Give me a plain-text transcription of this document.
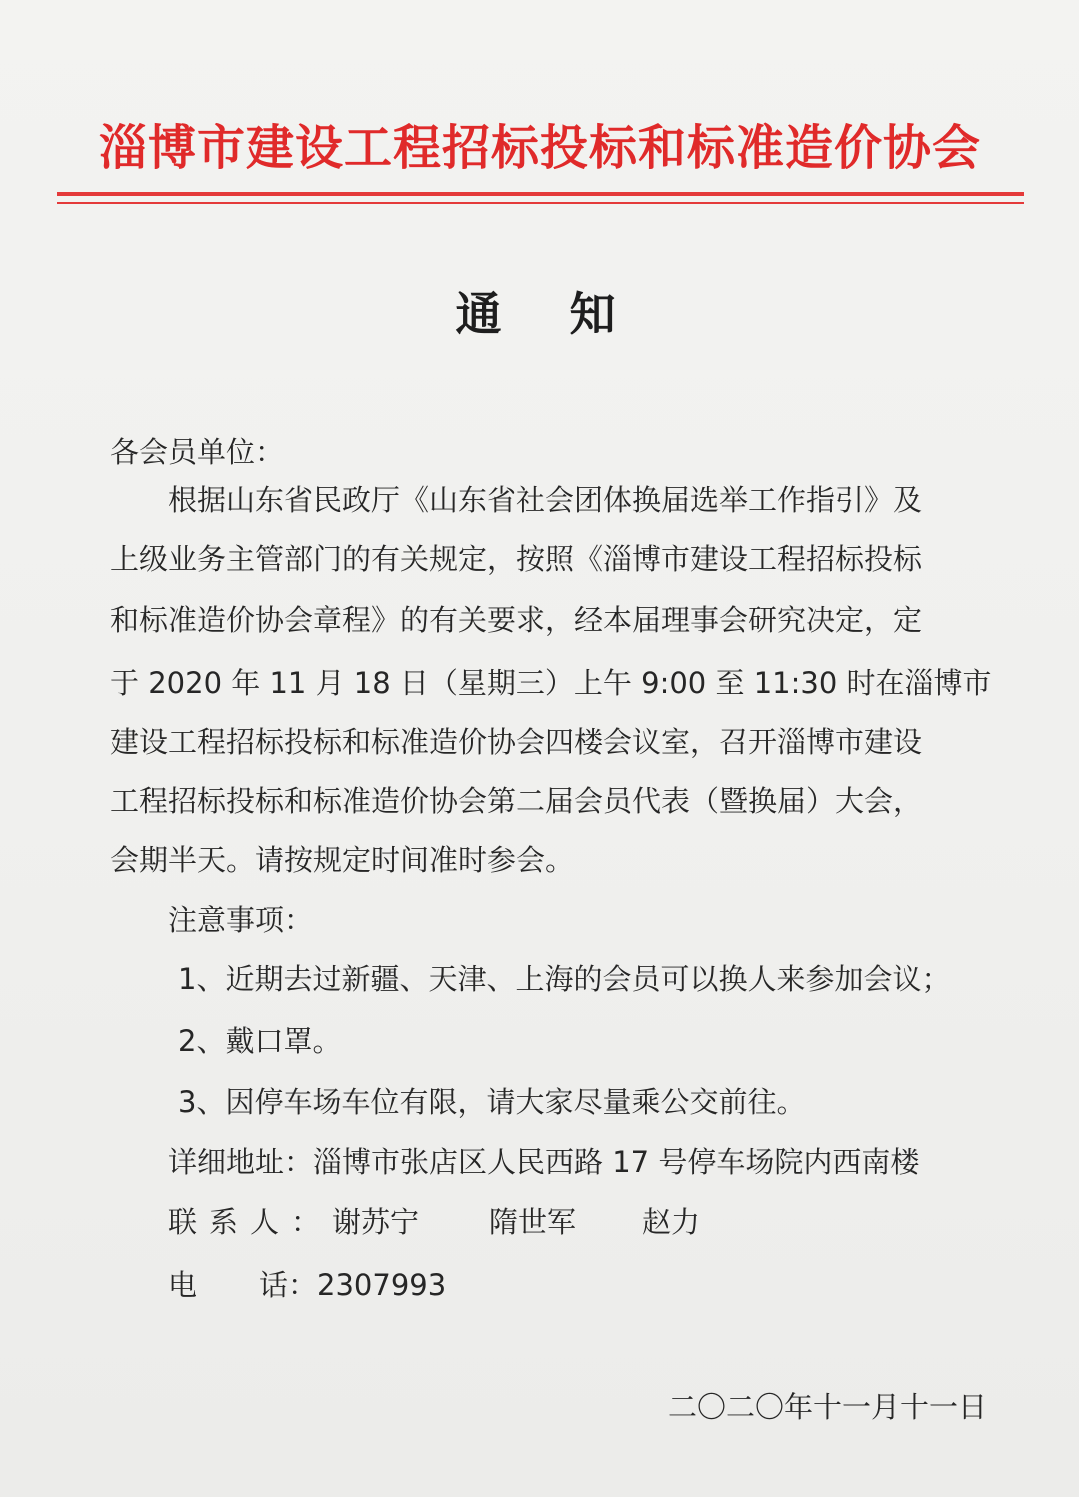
淄博市建设工程招标投标和标准造价协会
通 知
各会员单位：
根据山东省民政厅《山东省社会团体换届选举工作指引》及
上级业务主管部门的有关规定，按照《淄博市建设工程招标投标
和标准造价协会章程》的有关要求，经本届理事会研究决定，定
于 2020 年 11 月 18 日（星期三）上午 9:00 至 11:30 时在淄博市
建设工程招标投标和标准造价协会四楼会议室，召开淄博市建设
工程招标投标和标准造价协会第二届会员代表（暨换届）大会，
会期半天。请按规定时间准时参会。
注意事项：
1、近期去过新疆、天津、上海的会员可以换人来参加会议；
2、戴口罩。
3、因停车场车位有限，请大家尽量乘公交前往。
详细地址：淄博市张店区人民西路 17 号停车场院内西南楼
联系人：谢苏宁 隋世军 赵力
电 话：2307993
二〇二〇年十一月十一日
